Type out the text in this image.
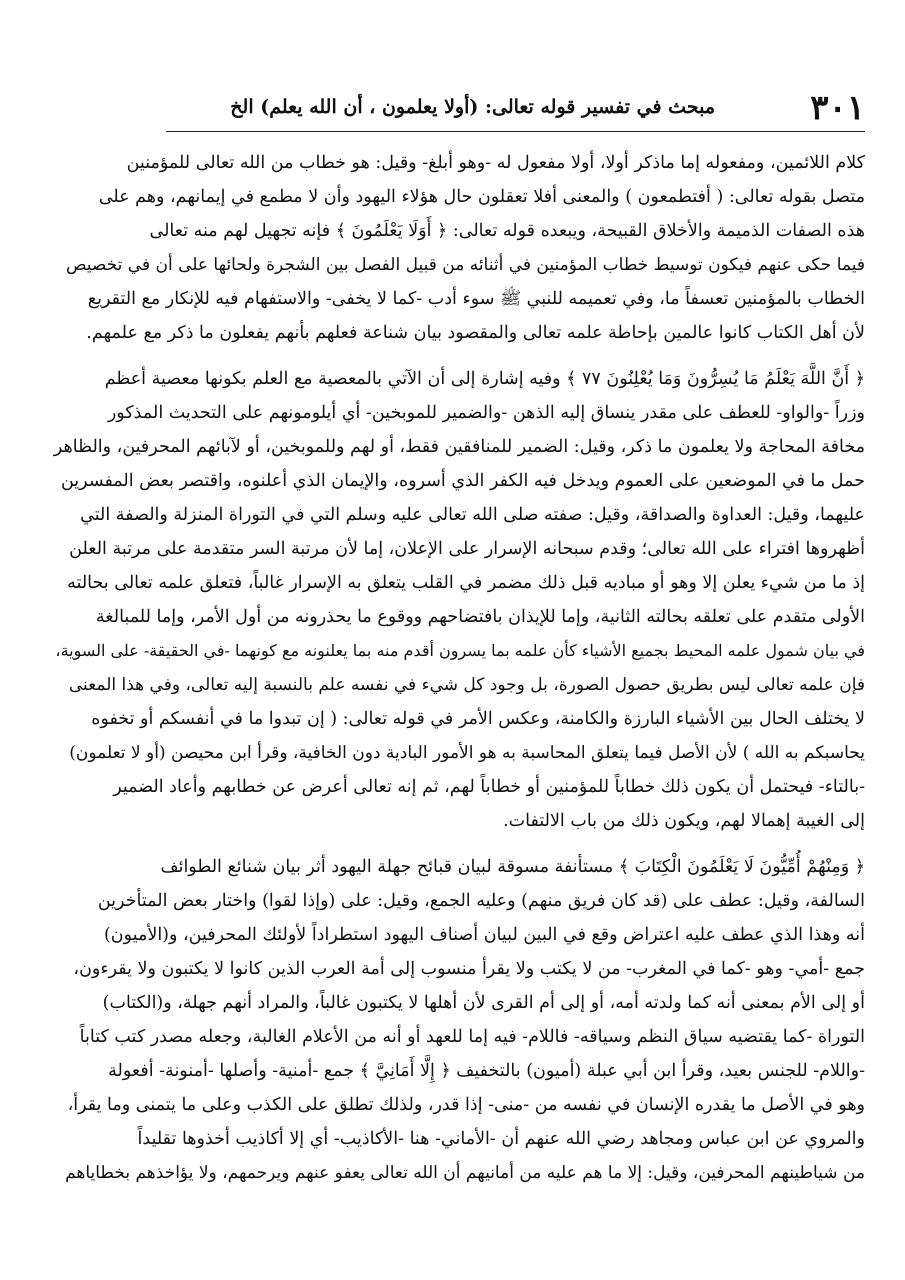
٣٠١
مبحث في تفسير قوله تعالى: (أولا يعلمون ، أن الله يعلم) الخ
كلام اللائمين، ومفعوله إما ماذكر أولا، أولا مفعول له -وهو أبلغ- وقيل: هو خطاب من الله تعالى للمؤمنين
متصل بقوله تعالى: ( أفتطمعون ) والمعنى أفلا تعقلون حال هؤلاء اليهود وأن لا مطمع في إيمانهم، وهم على
هذه الصفات الذميمة والأخلاق القبيحة، ويبعده قوله تعالى: ﴿ أَوَلَا يَعْلَمُونَ ﴾ فإنه تجهيل لهم منه تعالى
فيما حكى عنهم فيكون توسيط خطاب المؤمنين في أثنائه من قبيل الفصل بين الشجرة ولحائها على أن في تخصيص
الخطاب بالمؤمنين تعسفاً ما، وفي تعميمه للنبي ﷺ سوء أدب -كما لا يخفى- والاستفهام فيه للإنكار مع التقريع
لأن أهل الكتاب كانوا عالمين بإحاطة علمه تعالى والمقصود بيان شناعة فعلهم بأنهم يفعلون ما ذكر مع علمهم.
﴿ أَنَّ اللَّهَ يَعْلَمُ مَا يُسِرُّونَ وَمَا يُعْلِنُونَ ٧٧ ﴾ وفيه إشارة إلى أن الآتي بالمعصية مع العلم بكونها معصية أعظم
وزراً -والواو- للعطف على مقدر ينساق إليه الذهن -والضمير للموبخين- أي أيلومونهم على التحديث المذكور
مخافة المحاجة ولا يعلمون ما ذكر، وقيل: الضمير للمنافقين فقط، أو لهم وللموبخين، أو لآبائهم المحرفين، والظاهر
حمل ما في الموضعين على العموم ويدخل فيه الكفر الذي أسروه، والإيمان الذي أعلنوه، واقتصر بعض المفسرين
عليهما، وقيل: العداوة والصداقة، وقيل: صفته صلى الله تعالى عليه وسلم التي في التوراة المنزلة والصفة التي
أظهروها افتراء على الله تعالى؛ وقدم سبحانه الإسرار على الإعلان، إما لأن مرتبة السر متقدمة على مرتبة العلن
إذ ما من شيء يعلن إلا وهو أو مباديه قبل ذلك مضمر في القلب يتعلق به الإسرار غالباً، فتعلق علمه تعالى بحالته
الأولى متقدم على تعلقه بحالته الثانية، وإما للإيذان بافتضاحهم ووقوع ما يحذرونه من أول الأمر، وإما للمبالغة
في بيان شمول علمه المحيط بجميع الأشياء كأن علمه بما يسرون أقدم منه بما يعلنونه مع كونهما -في الحقيقة- على السوية،
فإن علمه تعالى ليس بطريق حصول الصورة، بل وجود كل شيء في نفسه علم بالنسبة إليه تعالى، وفي هذا المعنى
لا يختلف الحال بين الأشياء البارزة والكامنة، وعكس الأمر في قوله تعالى: ( إن تبدوا ما في أنفسكم أو تخفوه
يحاسبكم به الله ) لأن الأصل فيما يتعلق المحاسبة به هو الأمور البادية دون الخافية، وقرأ ابن محيصن (أو لا تعلمون)
-بالتاء- فيحتمل أن يكون ذلك خطاباً للمؤمنين أو خطاباً لهم، ثم إنه تعالى أعرض عن خطابهم وأعاد الضمير
إلى الغيبة إهمالا لهم، ويكون ذلك من باب الالتفات.
﴿ وَمِنْهُمْ أُمِّيُّونَ لَا يَعْلَمُونَ الْكِتَابَ ﴾ مستأنفة مسوقة لبيان قبائح جهلة اليهود أثر بيان شنائع الطوائف
السالفة، وقيل: عطف على (قد كان فريق منهم) وعليه الجمع، وقيل: على (وإذا لقوا) واختار بعض المتأخرين
أنه وهذا الذي عطف عليه اعتراض وقع في البين لبيان أصناف اليهود استطراداً لأولئك المحرفين، و(الأميون)
جمع -أمي- وهو -كما في المغرب- من لا يكتب ولا يقرأ منسوب إلى أمة العرب الذين كانوا لا يكتبون ولا يقرءون،
أو إلى الأم بمعنى أنه كما ولدته أمه، أو إلى أم القرى لأن أهلها لا يكتبون غالباً، والمراد أنهم جهلة، و(الكتاب)
التوراة -كما يقتضيه سياق النظم وسياقه- فاللام- فيه إما للعهد أو أنه من الأعلام الغالبة، وجعله مصدر كتب كتاباً
-واللام- للجنس بعيد، وقرأ ابن أبي عبلة (أميون) بالتخفيف ﴿ إِلَّا أَمَانِيَّ ﴾ جمع -أمنية- وأصلها -أمنونة- أفعولة
وهو في الأصل ما يقدره الإنسان في نفسه من -منى- إذا قدر، ولذلك تطلق على الكذب وعلى ما يتمنى وما يقرأ،
والمروي عن ابن عباس ومجاهد رضي الله عنهم أن -الأماني- هنا -الأكاذيب- أي إلا أكاذيب أخذوها تقليداً
من شياطينهم المحرفين، وقيل: إلا ما هم عليه من أمانيهم أن الله تعالى يعفو عنهم ويرحمهم، ولا يؤاخذهم بخطاياهم
